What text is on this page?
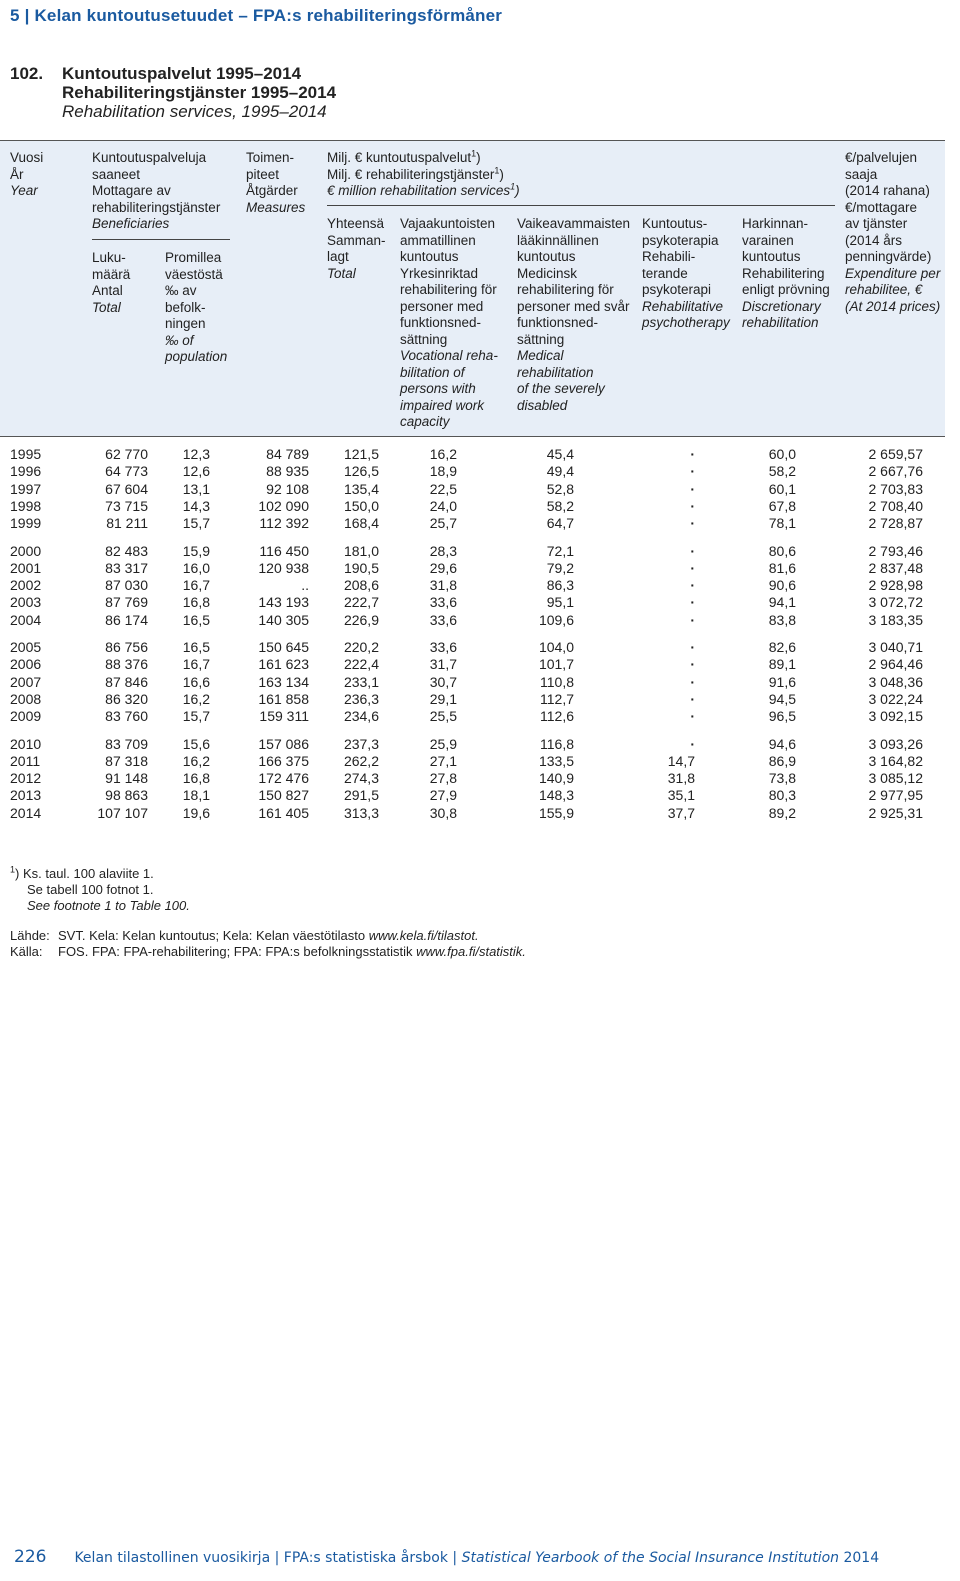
5 | Kelan kuntoutusetuudet – FPA:s rehabiliteringsförmåner
102. Kuntoutuspalvelut 1995–2014
Rehabiliteringstjänster 1995–2014
Rehabilitation services, 1995–2014
Vuosi
År
Year
Kuntoutuspalveluja
saaneet
Mottagare av
rehabiliteringstjänster
Beneficiaries
Luku-
määrä
Antal
Total
Promillea
väestöstä
‰ av
befolk-
ningen
‰ of
population
Toimen-
piteet
Åtgärder
Measures
Milj. € kuntoutuspalvelut$^1$)
Milj. € rehabiliteringstjänster$^1$)
€ million rehabilitation services$^1$)
Yhteensä
Samman-
lagt
Total
Vajaakuntoisten
ammatillinen
kuntoutus
Yrkesinriktad
rehabilitering för
personer med
funktionsned-
sättning
Vocational reha-
bilitation of
persons with
impaired work
capacity
Vaikeavammaisten
lääkinnällinen
kuntoutus
Medicinsk
rehabilitering för
personer med svår
funktionsned-
sättning
Medical
rehabilitation
of the severely
disabled
Kuntoutus-
psykoterapia
Rehabili-
terande
psykoterapi
Rehabilitative
psychotherapy
Harkinnan-
varainen
kuntoutus
Rehabilitering
enligt prövning
Discretionary
rehabilitation
€/palvelujen
saaja
(2014 rahana)
€/mottagare
av tjänster
(2014 års
penningvärde)
Expenditure per
rehabilitee, €
(At 2014 prices)
1995	62 770	12,3	84 789	121,5	16,2	45,4	·	60,0	2 659,57
1996	64 773	12,6	88 935	126,5	18,9	49,4	·	58,2	2 667,76
1997	67 604	13,1	92 108	135,4	22,5	52,8	·	60,1	2 703,83
1998	73 715	14,3	102 090	150,0	24,0	58,2	·	67,8	2 708,40
1999	81 211	15,7	112 392	168,4	25,7	64,7	·	78,1	2 728,87
2000	82 483	15,9	116 450	181,0	28,3	72,1	·	80,6	2 793,46
2001	83 317	16,0	120 938	190,5	29,6	79,2	·	81,6	2 837,48
2002	87 030	16,7	..	208,6	31,8	86,3	·	90,6	2 928,98
2003	87 769	16,8	143 193	222,7	33,6	95,1	·	94,1	3 072,72
2004	86 174	16,5	140 305	226,9	33,6	109,6	·	83,8	3 183,35
2005	86 756	16,5	150 645	220,2	33,6	104,0	·	82,6	3 040,71
2006	88 376	16,7	161 623	222,4	31,7	101,7	·	89,1	2 964,46
2007	87 846	16,6	163 134	233,1	30,7	110,8	·	91,6	3 048,36
2008	86 320	16,2	161 858	236,3	29,1	112,7	·	94,5	3 022,24
2009	83 760	15,7	159 311	234,6	25,5	112,6	·	96,5	3 092,15
2010	83 709	15,6	157 086	237,3	25,9	116,8	·	94,6	3 093,26
2011	87 318	16,2	166 375	262,2	27,1	133,5	14,7	86,9	3 164,82
2012	91 148	16,8	172 476	274,3	27,8	140,9	31,8	73,8	3 085,12
2013	98 863	18,1	150 827	291,5	27,9	148,3	35,1	80,3	2 977,95
2014	107 107	19,6	161 405	313,3	30,8	155,9	37,7	89,2	2 925,31
$^1$) Ks. taul. 100 alaviite 1.
Se tabell 100 fotnot 1.
See footnote 1 to Table 100.
Lähde: SVT. Kela: Kelan kuntoutus; Kela: Kelan väestötilasto www.kela.fi/tilastot.
Källa: FOS. FPA: FPA-rehabilitering; FPA: FPA:s befolkningsstatistik www.fpa.fi/statistik.
226 Kelan tilastollinen vuosikirja | FPA:s statistiska årsbok | Statistical Yearbook of the Social Insurance Institution 2014
